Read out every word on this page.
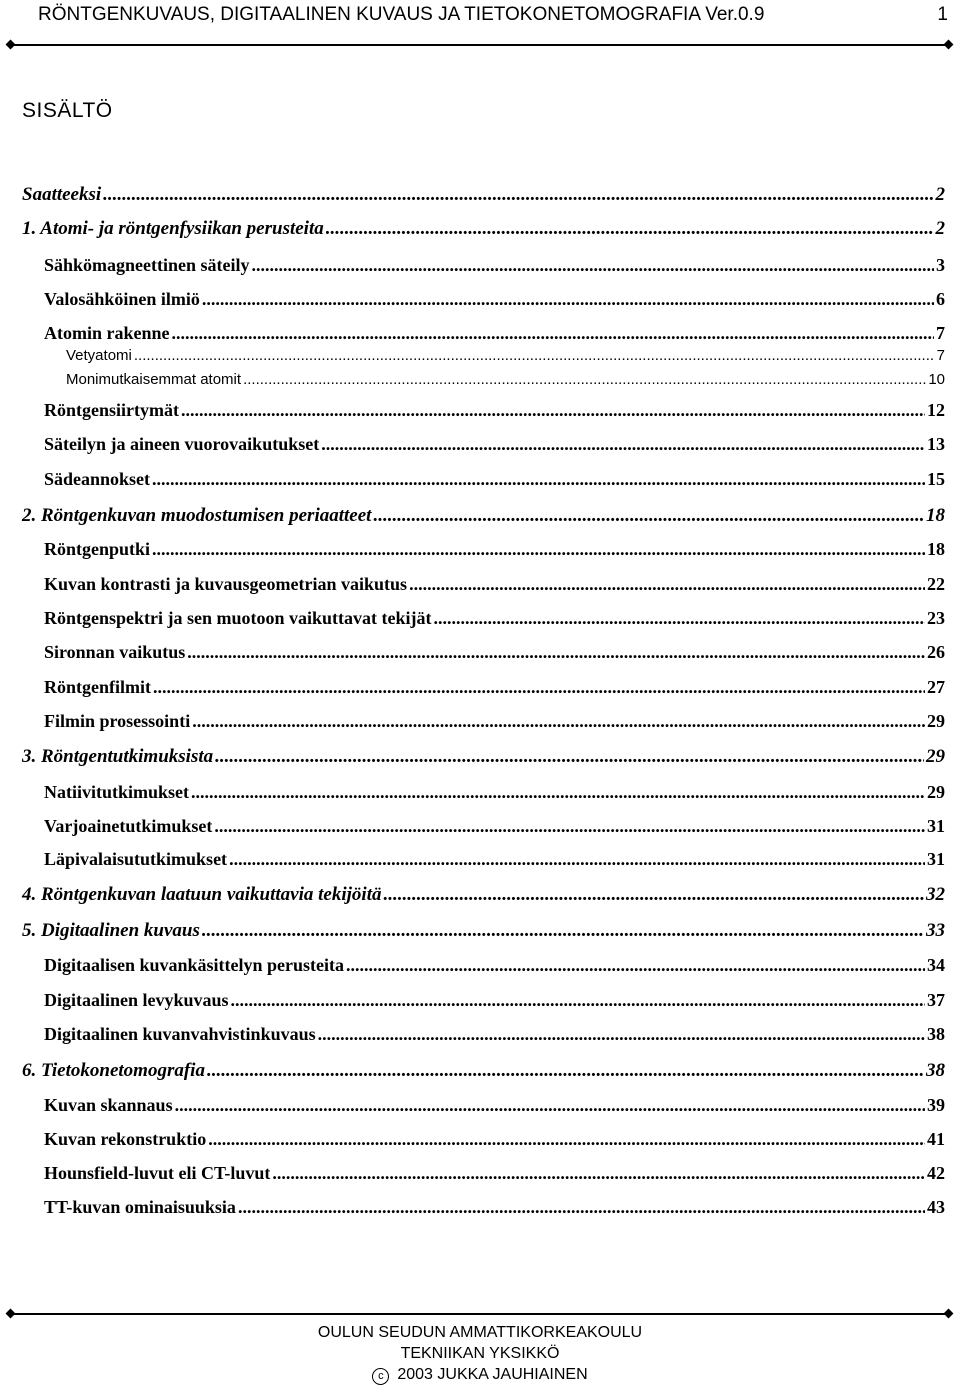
RÖNTGENKUVAUS, DIGITAALINEN KUVAUS JA TIETOKONETOMOGRAFIA Ver.0.9	1
SISÄLTÖ
Saatteeksi .....	2
1. Atomi- ja röntgenfysiikan perusteita .....	2
Sähkömagneettinen säteily .....	3
Valosähköinen ilmiö .....	6
Atomin rakenne .....	7
Vetyatomi .....	7
Monimutkaisemmat atomit .....	10
Röntgensiirtymät .....	12
Säteilyn ja aineen vuorovaikutukset .....	13
Sädeannokset .....	15
2. Röntgenkuvan muodostumisen periaatteet .....	18
Röntgenputki .....	18
Kuvan kontrasti ja kuvausgeometrian vaikutus .....	22
Röntgenspektri ja sen muotoon vaikuttavat tekijät .....	23
Sironnan vaikutus .....	26
Röntgenfilmit .....	27
Filmin prosessointi .....	29
3. Röntgentutkimuksista .....	29
Natiivitutkimukset .....	29
Varjoainetutkimukset .....	31
Läpivalaisututkimukset .....	31
4. Röntgenkuvan laatuun vaikuttavia tekijöitä .....	32
5. Digitaalinen kuvaus .....	33
Digitaalisen kuvankäsittelyn perusteita .....	34
Digitaalinen levykuvaus .....	37
Digitaalinen kuvanvahvistinkuvaus .....	38
6. Tietokonetomografia .....	38
Kuvan skannaus .....	39
Kuvan rekonstruktio .....	41
Hounsfield-luvut eli CT-luvut .....	42
TT-kuvan ominaisuuksia .....	43
OULUN SEUDUN AMMATTIKORKEAKOULU
TEKNIIKAN YKSIKKÖ
c 2003 JUKKA JAUHIAINEN
